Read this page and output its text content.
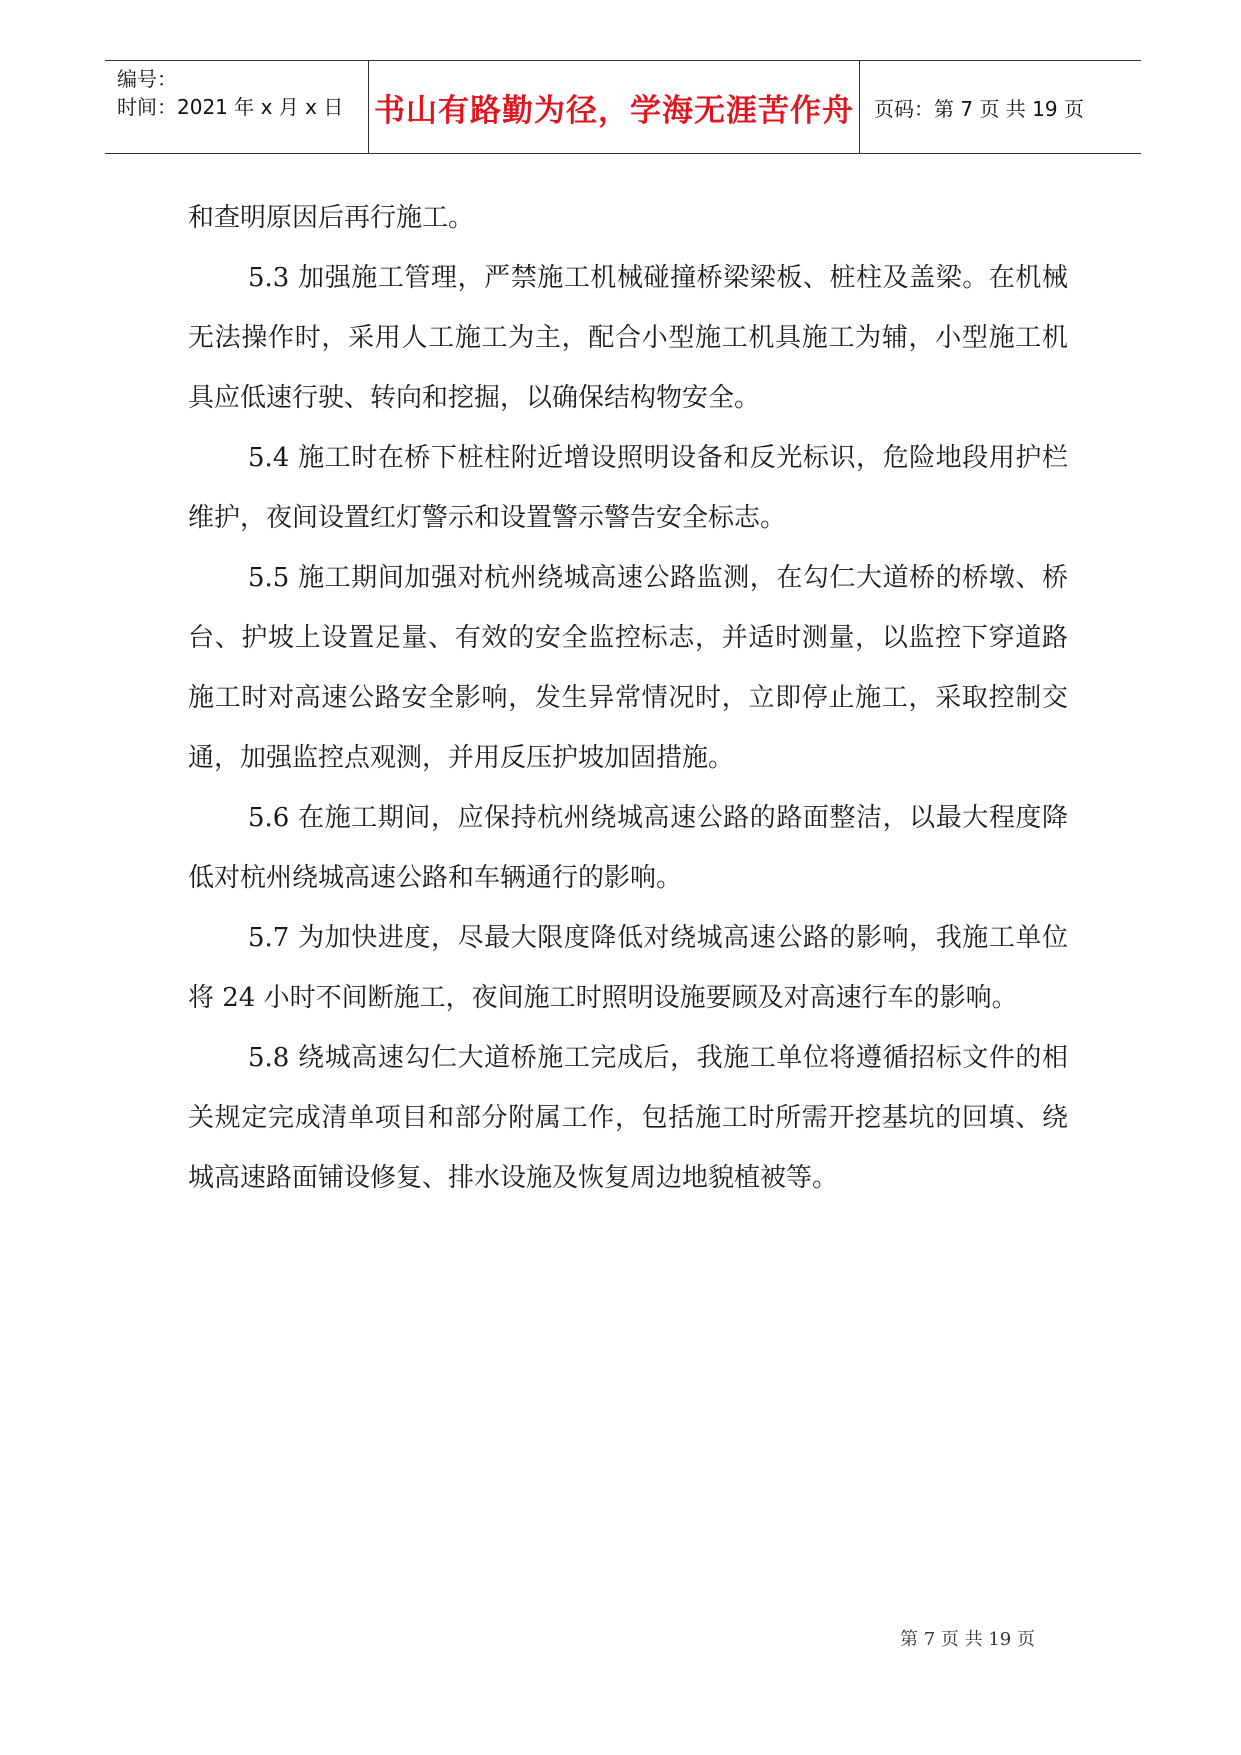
编号：
时间：2021 年 x 月 x 日 书山有路勤为径，学海无涯苦作舟	页码：第 7 页 共 19 页

和查明原因后再行施工。

5.3 加强施工管理，严禁施工机械碰撞桥梁梁板、桩柱及盖梁。在机械无法操作时，采用人工施工为主，配合小型施工机具施工为辅，小型施工机具应低速行驶、转向和挖掘，以确保结构物安全。

5.4 施工时在桥下桩柱附近增设照明设备和反光标识，危险地段用护栏维护，夜间设置红灯警示和设置警示警告安全标志。

5.5 施工期间加强对杭州绕城高速公路监测，在勾仁大道桥的桥墩、桥台、护坡上设置足量、有效的安全监控标志，并适时测量，以监控下穿道路施工时对高速公路安全影响，发生异常情况时，立即停止施工，采取控制交通，加强监控点观测，并用反压护坡加固措施。

5.6 在施工期间，应保持杭州绕城高速公路的路面整洁，以最大程度降低对杭州绕城高速公路和车辆通行的影响。

5.7 为加快进度，尽最大限度降低对绕城高速公路的影响，我施工单位将 24 小时不间断施工，夜间施工时照明设施要顾及对高速行车的影响。

5.8 绕城高速勾仁大道桥施工完成后，我施工单位将遵循招标文件的相关规定完成清单项目和部分附属工作，包括施工时所需开挖基坑的回填、绕城高速路面铺设修复、排水设施及恢复周边地貌植被等。

第 7 页 共 19 页
